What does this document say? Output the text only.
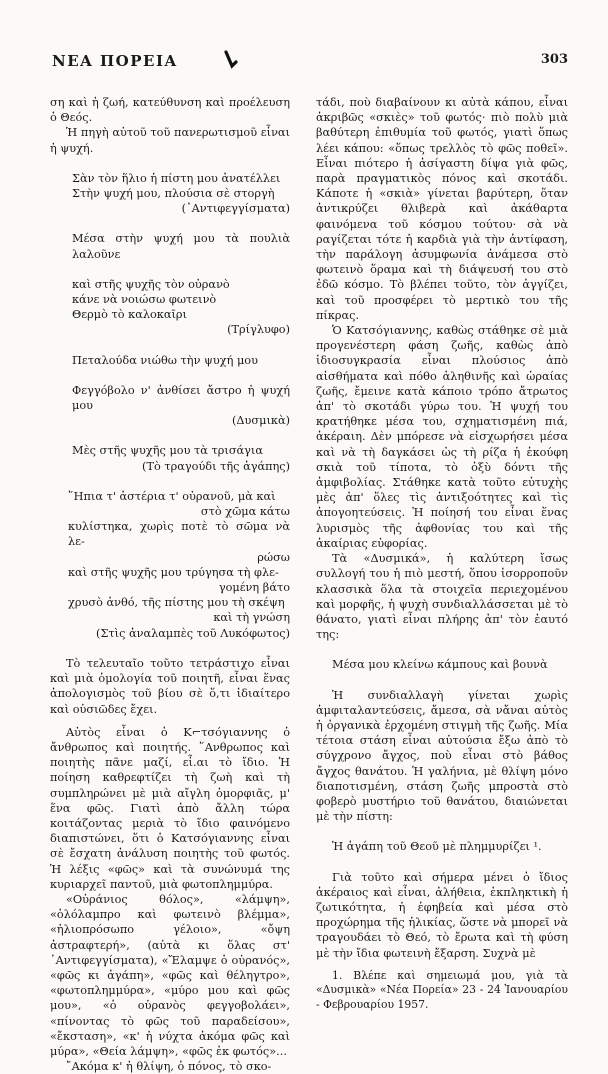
ΝΕΑ ΠΟΡΕΙΑ	303

ση καὶ ἡ ζωή, κατεύθυνση καὶ προέλευση ὁ Θεός.

Ἡ πηγὴ αὐτοῦ τοῦ πανερωτισμοῦ εἶναι ἡ ψυχή.

Σὰν τὸν ἥλιο ἡ πίστη μου ἀνατέλλει
Στὴν ψυχή μου, πλούσια σὲ στοργὴ
(᾿Αντιφεγγίσματα)
Μέσα στὴν ψυχή μου τὰ πουλιὰ λαλοῦνε
καὶ στῆς ψυχῆς τὸν οὐρανὸ
κάνε νὰ νοιώσω φωτεινὸ
Θερμὸ τὸ καλοκαῖρι
(Τρίγλυφο)
Πεταλούδα νιώθω τὴν ψυχή μου
Φεγγόβολο ν' ἀνθίσει ἄστρο ἡ ψυχή μου
(Δυσμικὰ)
Μὲς στῆς ψυχῆς μου τὰ τρισάγια
(Τὸ τραγούδι τῆς ἀγάπης)
῞Ηπια τ' ἀστέρια τ' οὐρανοῦ, μὰ καὶ
στὸ χῶμα κάτω
κυλίστηκα, χωρὶς ποτὲ τὸ σῶμα νὰ λε-
ρώσω
καὶ στῆς ψυχῆς μου τρύγησα τὴ φλε-
γομένη βάτο
χρυσὸ ἀνθό, τῆς πίστης μου τὴ σκέψη
καὶ τὴ γνώση
(Στὶς ἀναλαμπὲς τοῦ Λυκόφωτος)

Τὸ τελευταῖο τοῦτο τετράστιχο εἶναι καὶ μιὰ ὁμολογία τοῦ ποιητῆ, εἶναι ἕνας ἀπολογισμὸς τοῦ βίου σὲ ὅ,τι ἰδιαίτερο καὶ οὐσιῶδες ἔχει.

Αὐτὸς εἶναι ὁ Κ⌐τσόγιαννης ὁ ἄνθρωπος καὶ ποιητής. ῞Ανθρωπος καὶ ποιητὴς πᾶνε μαζί, εἶ.αι τὸ ἴδιο. Ἡ ποίηση καθρεφτίζει τὴ ζωὴ καὶ τὴ συμπληρώνει μὲ μιὰ αἴγλη ὁμορφιᾶς, μ' ἕνα φῶς. Γιατὶ ἀπὸ ἄλλη τώρα κοιτάζοντας μεριὰ τὸ ἴδιο φαινόμενο διαπιστώνει, ὅτι ὁ Κατσόγιαννης εἶναι σὲ ἔσχατη ἀνάλυση ποιητὴς τοῦ φωτός. Ἡ λέξις «φῶς» καὶ τὰ συνώνυμά της κυριαρχεῖ παντοῦ, μιὰ φωτοπλημμύρα.

«Οὐράνιος θόλος», «λάμψη», «ὁλόλαμπρο καὶ φωτεινὸ βλέμμα», «ἡλιοπρόσωπο γέλοιο», «ὄψη ἀστραφτερή», (αὐτὰ κι ὅλας στ' ᾿Αντιφεγγίσματα), «Ἔλαμψε ὁ οὐρανός», «φῶς κι ἀγάπη», «φῶς καὶ θέληγτρο», «φωτοπλημμύρα», «μύρο μου καὶ φῶς μου», «ὁ οὐρανὸς φεγγοβολάει», «πίνοντας τὸ φῶς τοῦ παραδείσου», «ἔκσταση», «κ' ἡ νύχτα ἀκόμα φῶς καὶ μύρα», «Θεία λάμψη», «φῶς ἐκ φωτός»...

῎Ακόμα κ' ἡ θλίψη, ὁ πόνος, τὸ σκο-

τάδι, ποὺ διαβαίνουν κι αὐτὰ κάπου, εἶναι ἀκριβῶς «σκιὲς» τοῦ φωτός· πιὸ πολὺ μιὰ βαθύτερη ἐπιθυμία τοῦ φωτός, γιατὶ ὅπως λέει κάπου: «ὅπως τρελλὸς τὸ φῶς ποθεῖ». Εἶναι πιότερο ἡ ἀσίγαστη δίψα γιὰ φῶς, παρὰ πραγματικὸς πόνος καὶ σκοτάδι. Κάποτε ἡ «σκιὰ» γίνεται βαρύτερη, ὅταν ἀντικρύζει θλιβερὰ καὶ ἀκάθαρτα φαινόμενα τοῦ κόσμου τούτου· σὰ νὰ ραγίζεται τότε ἡ καρδιὰ γιὰ τὴν ἀντίφαση, τὴν παράλογη ἀσυμφωνία ἀνάμεσα στὸ φωτεινὸ ὅραμα καὶ τὴ διάψευσή του στὸ ἐδῶ κόσμο. Τὸ βλέπει τοῦτο, τὸν ἀγγίζει, καὶ τοῦ προσφέρει τὸ μερτικὸ του τῆς πίκρας.

Ὁ Κατσόγιαννης, καθὼς στάθηκε σὲ μιὰ προγενέστερη φάση ζωῆς, καθὼς ἀπὸ ἰδιοσυγκρασία εἶναι πλούσιος ἀπὸ αἰσθήματα καὶ πόθο ἀληθινῆς καὶ ὡραίας ζωῆς, ἔμεινε κατὰ κάποιο τρόπο ἄτρωτος ἀπ' τὸ σκοτάδι γύρω του. Ἡ ψυχή του κρατήθηκε μέσα του, σχηματισμένη πιά, ἀκέραιη. Δὲν μπόρεσε νὰ εἰσχωρήσει μέσα καὶ νὰ τὴ δαγκάσει ὡς τὴ ρίζα ἡ ἐκούφη σκιὰ τοῦ τίποτα, τὸ ὀξὺ δόντι τῆς ἀμφιβολίας. Στάθηκε κατὰ τοῦτο εὐτυχὴς μὲς ἀπ' ὅλες τὶς ἀντιξοότητες καὶ τὶς ἀπογοητεύσεις. Ἡ ποίησή του εἶναι ἕνας λυρισμὸς τῆς ἀφθονίας του καὶ τῆς ἀκαίριας εὐφορίας.

Τὰ «Δυσμικά», ἡ καλύτερη ἴσως συλλογή του ἡ πιὸ μεστή, ὅπου ἰσορροποῦν κλασσικὰ ὅλα τὰ στοιχεῖα περιεχομένου καὶ μορφῆς, ἡ ψυχὴ συνδιαλλάσσεται μὲ τὸ θάνατο, γιατὶ εἶναι πλήρης ἀπ' τὸν ἑαυτό της:

Μέσα μου κλείνω κάμπους καὶ βουνὰ

Ἡ συνδιαλλαγὴ γίνεται χωρὶς ἀμφιταλαντεύσεις, ἄμεσα, σὰ νἄναι αὐτὸς ἡ ὀργανικὰ ἐρχομένη στιγμὴ τῆς ζωῆς. Μία τέτοια στάση εἶναι αὐτούσια ἔξω ἀπὸ τὸ σύγχρονο ἄγχος, ποὺ εἶναι στὸ βάθος ἄγχος θανάτου. Ἡ γαλήνια, μὲ θλίψη μόνο διαποτισμένη, στάση ζωῆς μπροστὰ στὸ φοβερὸ μυστήριο τοῦ θανάτου, διαιώνεται μὲ τὴν πίστη:

Ἡ ἀγάπη τοῦ Θεοῦ μὲ πλημμυρίζει ¹.

Γιὰ τοῦτο καὶ σήμερα μένει ὁ ἴδιος ἀκέραιος καὶ εἶναι, ἀλήθεια, ἐκπληκτικὴ ἡ ζωτικότητα, ἡ ἐφηβεία καὶ μέσα στὸ προχώρημα τῆς ἡλικίας, ὥστε νὰ μπορεῖ νὰ τραγουδάει τὸ Θεό, τὸ ἔρωτα καὶ τὴ φύση μὲ τὴν ἴδια φωτεινὴ ἔξαρση. Συχνὰ μὲ

1. Βλέπε καὶ σημειωμά μου, γιὰ τὰ «Δυσμικὰ» «Νέα Πορεία» 23 - 24 Ἰανουαρίου - Φεβρουαρίου 1957.
